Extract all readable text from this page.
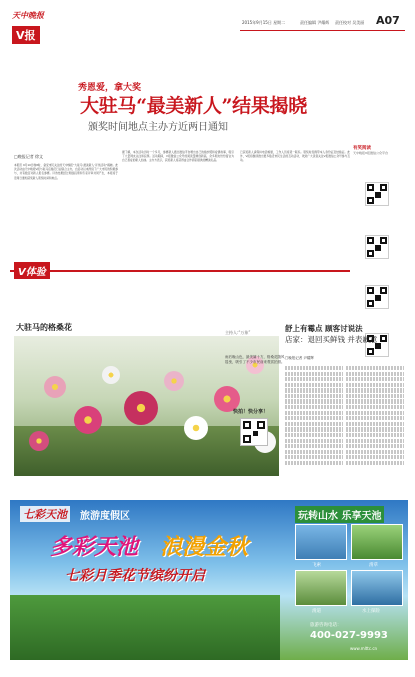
天中晚报
V报
2015年9月15日 星期二	责任编辑 尹耀辉 责任校对 吴美丽 A07
秀恩爱，拿大奖
大驻马“最美新人”结果揭晓
颁奖时间地点主办方近两日通知
□晚报记者 徐文
本报讯 9月10日晚8时，备受市民关注的天中晚报“大驻马‘最美新人’评选活动”揭晓。此次活动由天中晚报V报与驻马店婚庆行业联合主办，自启动以来得到了广大市民的积极参与，共有数百对新人报名参赛。评选结果经过网络投票和专家评审共同产生，本报将于近两日通知获奖新人领奖时间和地点。
据了解，本次活动历时一个多月，参赛新人通过微信平台晒出自己的婚纱照和爱情故事，吸引了大量网友关注和投票。活动期间，V报微信公众号的阅读量屡创新高，众多网友纷纷留言为自己喜爱的新人加油。主办方表示，获奖新人将获得由合作商家提供的精美礼品。
已获奖新人请保持电话畅通，工作人员将逐一联系。领奖时需携带本人身份证及结婚证。此外，V报将继续推出更多贴近市民生活的互动活动，欢迎广大读者关注V报微信公众号参与互动。
有奖阅读
天中晚报V报微信公众平台
V体验
大驻马的格桑花
主持人:“万象”
雨后晚山色，最美属十方，格桑花随风摇曳，吸引了不少市民前来观赏拍照。
快拍！快分享！
舒上有霉点 顾客讨说法
店家：退回买鲜钱 并表歉意
□晚报记者 尹耀辉
七彩天池	旅游度假区
多彩天池 浪漫金秋
七彩月季花节缤纷开启
玩转山水 乐享天池
飞索	滑草
滑道	水上探险
旅游咨询电话：
400-027-9993
www.mlttc.cn
